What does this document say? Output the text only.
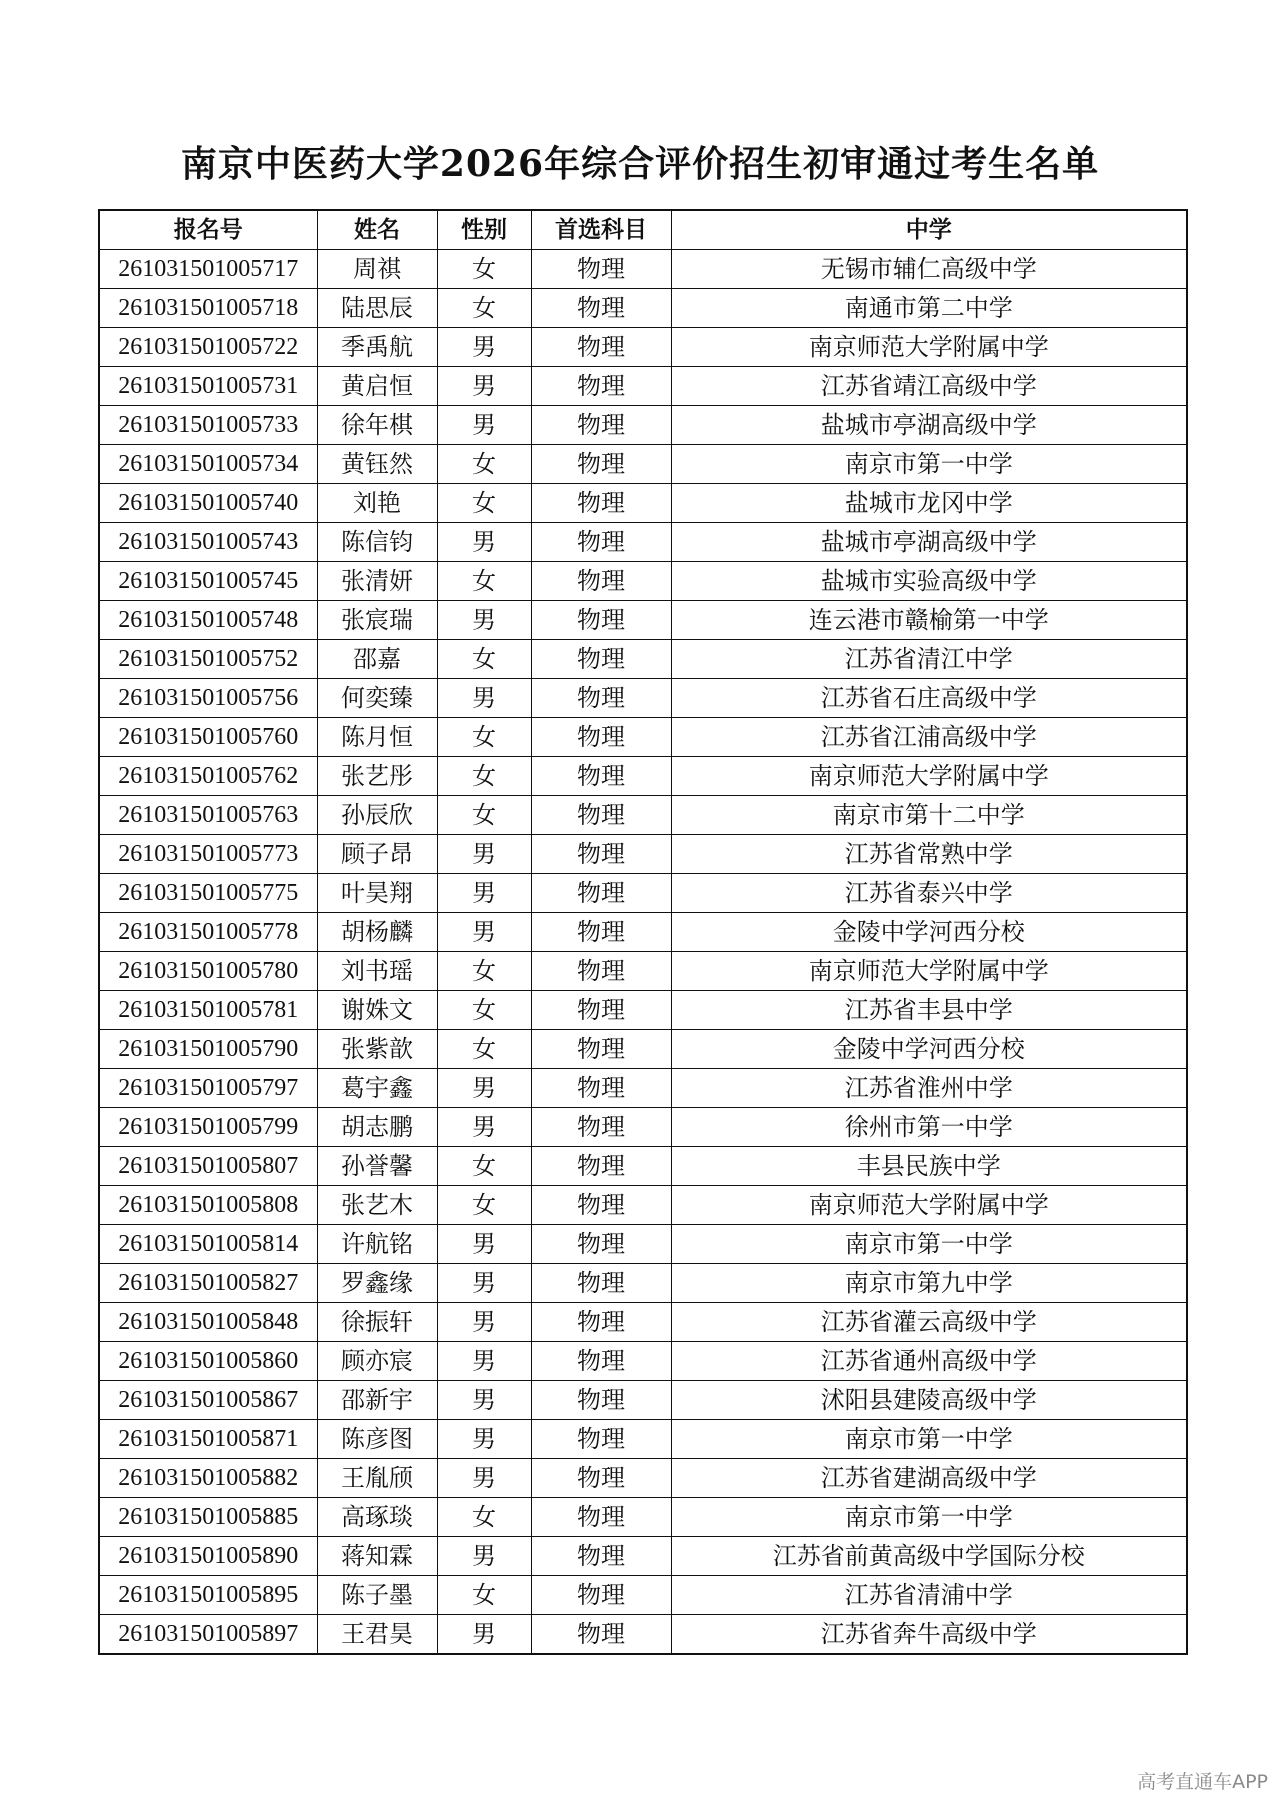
南京中医药大学2026年综合评价招生初审通过考生名单
报名号	姓名	性别	首选科目	中学
261031501005717	周祺	女	物理	无锡市辅仁高级中学
261031501005718	陆思辰	女	物理	南通市第二中学
261031501005722	季禹航	男	物理	南京师范大学附属中学
261031501005731	黄启恒	男	物理	江苏省靖江高级中学
261031501005733	徐年棋	男	物理	盐城市亭湖高级中学
261031501005734	黄钰然	女	物理	南京市第一中学
261031501005740	刘艳	女	物理	盐城市龙冈中学
261031501005743	陈信钧	男	物理	盐城市亭湖高级中学
261031501005745	张清妍	女	物理	盐城市实验高级中学
261031501005748	张宸瑞	男	物理	连云港市赣榆第一中学
261031501005752	邵嘉	女	物理	江苏省清江中学
261031501005756	何奕臻	男	物理	江苏省石庄高级中学
261031501005760	陈月恒	女	物理	江苏省江浦高级中学
261031501005762	张艺彤	女	物理	南京师范大学附属中学
261031501005763	孙辰欣	女	物理	南京市第十二中学
261031501005773	顾子昂	男	物理	江苏省常熟中学
261031501005775	叶昊翔	男	物理	江苏省泰兴中学
261031501005778	胡杨麟	男	物理	金陵中学河西分校
261031501005780	刘书瑶	女	物理	南京师范大学附属中学
261031501005781	谢姝文	女	物理	江苏省丰县中学
261031501005790	张紫歆	女	物理	金陵中学河西分校
261031501005797	葛宇鑫	男	物理	江苏省淮州中学
261031501005799	胡志鹏	男	物理	徐州市第一中学
261031501005807	孙誉馨	女	物理	丰县民族中学
261031501005808	张艺木	女	物理	南京师范大学附属中学
261031501005814	许航铭	男	物理	南京市第一中学
261031501005827	罗鑫缘	男	物理	南京市第九中学
261031501005848	徐振轩	男	物理	江苏省灌云高级中学
261031501005860	顾亦宸	男	物理	江苏省通州高级中学
261031501005867	邵新宇	男	物理	沭阳县建陵高级中学
261031501005871	陈彦图	男	物理	南京市第一中学
261031501005882	王胤颀	男	物理	江苏省建湖高级中学
261031501005885	高琢琰	女	物理	南京市第一中学
261031501005890	蒋知霖	男	物理	江苏省前黄高级中学国际分校
261031501005895	陈子墨	女	物理	江苏省清浦中学
261031501005897	王君昊	男	物理	江苏省奔牛高级中学
高考直通车APP
